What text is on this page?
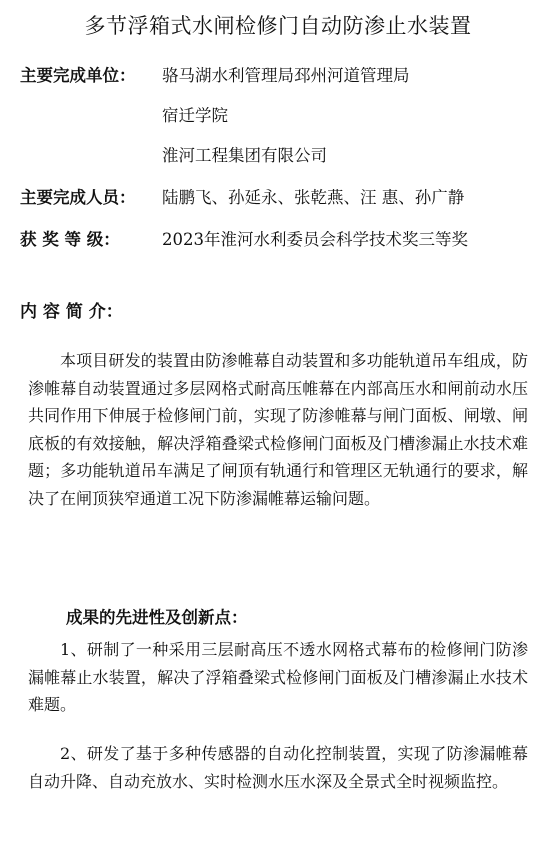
多节浮箱式水闸检修门自动防渗止水装置
主要完成单位： 骆马湖水利管理局邳州河道管理局
宿迁学院
淮河工程集团有限公司
主要完成人员： 陆鹏飞、孙延永、张乾燕、汪 惠、孙广静
获 奖 等 级：	2023年淮河水利委员会科学技术奖三等奖
内 容 简 介：
本项目研发的装置由防渗帷幕自动装置和多功能轨道吊车组成，防渗帷幕自动装置通过多层网格式耐高压帷幕在内部高压水和闸前动水压共同作用下伸展于检修闸门前，实现了防渗帷幕与闸门面板、闸墩、闸底板的有效接触，解决浮箱叠梁式检修闸门面板及门槽渗漏止水技术难题；多功能轨道吊车满足了闸顶有轨通行和管理区无轨通行的要求，解决了在闸顶狭窄通道工况下防渗漏帷幕运输问题。
成果的先进性及创新点：
1、研制了一种采用三层耐高压不透水网格式幕布的检修闸门防渗漏帷幕止水装置，解决了浮箱叠梁式检修闸门面板及门槽渗漏止水技术难题。
2、研发了基于多种传感器的自动化控制装置，实现了防渗漏帷幕自动升降、自动充放水、实时检测水压水深及全景式全时视频监控。
